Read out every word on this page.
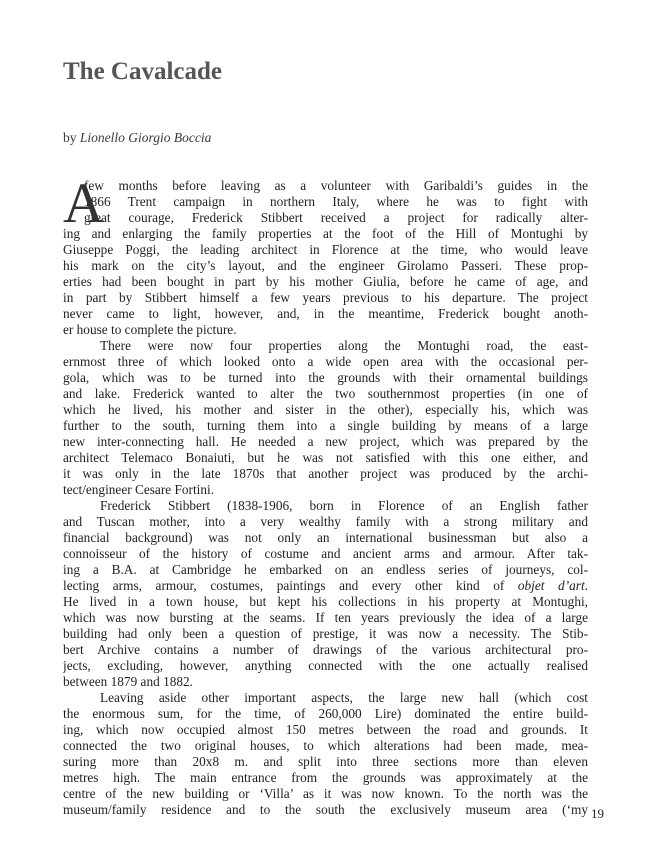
The Cavalcade

by Lionello Giorgio Boccia

A
few months before leaving as a volunteer with Garibaldi’s guides in the
1866 Trent campaign in northern Italy, where he was to fight with
great courage, Frederick Stibbert received a project for radically alter-
ing and enlarging the family properties at the foot of the Hill of Montughi by
Giuseppe Poggi, the leading architect in Florence at the time, who would leave
his mark on the city’s layout, and the engineer Girolamo Passeri. These prop-
erties had been bought in part by his mother Giulia, before he came of age, and
in part by Stibbert himself a few years previous to his departure. The project
never came to light, however, and, in the meantime, Frederick bought anoth-
er house to complete the picture.
There were now four properties along the Montughi road, the east-
ernmost three of which looked onto a wide open area with the occasional per-
gola, which was to be turned into the grounds with their ornamental buildings
and lake. Frederick wanted to alter the two southernmost properties (in one of
which he lived, his mother and sister in the other), especially his, which was
further to the south, turning them into a single building by means of a large
new inter-connecting hall. He needed a new project, which was prepared by the
architect Telemaco Bonaiuti, but he was not satisfied with this one either, and
it was only in the late 1870s that another project was produced by the archi-
tect/engineer Cesare Fortini.
Frederick Stibbert (1838-1906, born in Florence of an English father
and Tuscan mother, into a very wealthy family with a strong military and
financial background) was not only an international businessman but also a
connoisseur of the history of costume and ancient arms and armour. After tak-
ing a B.A. at Cambridge he embarked on an endless series of journeys, col-
lecting arms, armour, costumes, paintings and every other kind of objet d’art.
He lived in a town house, but kept his collections in his property at Montughi,
which was now bursting at the seams. If ten years previously the idea of a large
building had only been a question of prestige, it was now a necessity. The Stib-
bert Archive contains a number of drawings of the various architectural pro-
jects, excluding, however, anything connected with the one actually realised
between 1879 and 1882.
Leaving aside other important aspects, the large new hall (which cost
the enormous sum, for the time, of 260,000 Lire) dominated the entire build-
ing, which now occupied almost 150 metres between the road and grounds. It
connected the two original houses, to which alterations had been made, mea-
suring more than 20x8 m. and split into three sections more than eleven
metres high. The main entrance from the grounds was approximately at the
centre of the new building or ‘Villa’ as it was now known. To the north was the
museum/family residence and to the south the exclusively museum area (‘my 19
